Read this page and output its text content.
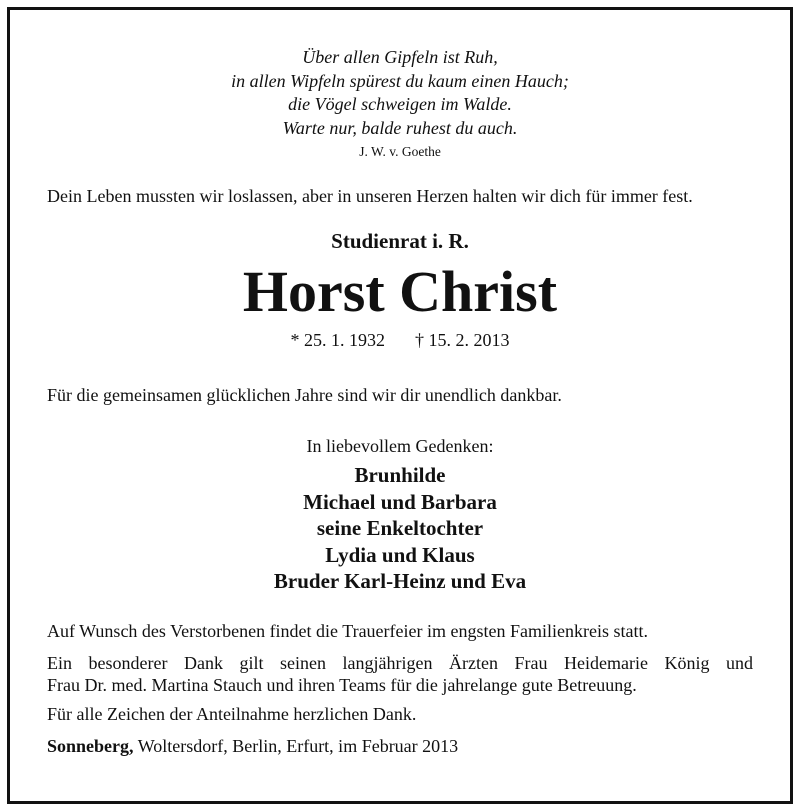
Über allen Gipfeln ist Ruh,
in allen Wipfeln spürest du kaum einen Hauch;
die Vögel schweigen im Walde.
Warte nur, balde ruhest du auch.
J. W. v. Goethe
Dein Leben mussten wir loslassen, aber in unseren Herzen halten wir dich für immer fest.
Studienrat i. R.
Horst Christ
* 25. 1. 1932 † 15. 2. 2013
Für die gemeinsamen glücklichen Jahre sind wir dir unendlich dankbar.
In liebevollem Gedenken:
Brunhilde
Michael und Barbara
seine Enkeltochter
Lydia und Klaus
Bruder Karl-Heinz und Eva
Auf Wunsch des Verstorbenen findet die Trauerfeier im engsten Familienkreis statt.
Ein besonderer Dank gilt seinen langjährigen Ärzten Frau Heidemarie König und
Frau Dr. med. Martina Stauch und ihren Teams für die jahrelange gute Betreuung.
Für alle Zeichen der Anteilnahme herzlichen Dank.
Sonneberg, Woltersdorf, Berlin, Erfurt, im Februar 2013
